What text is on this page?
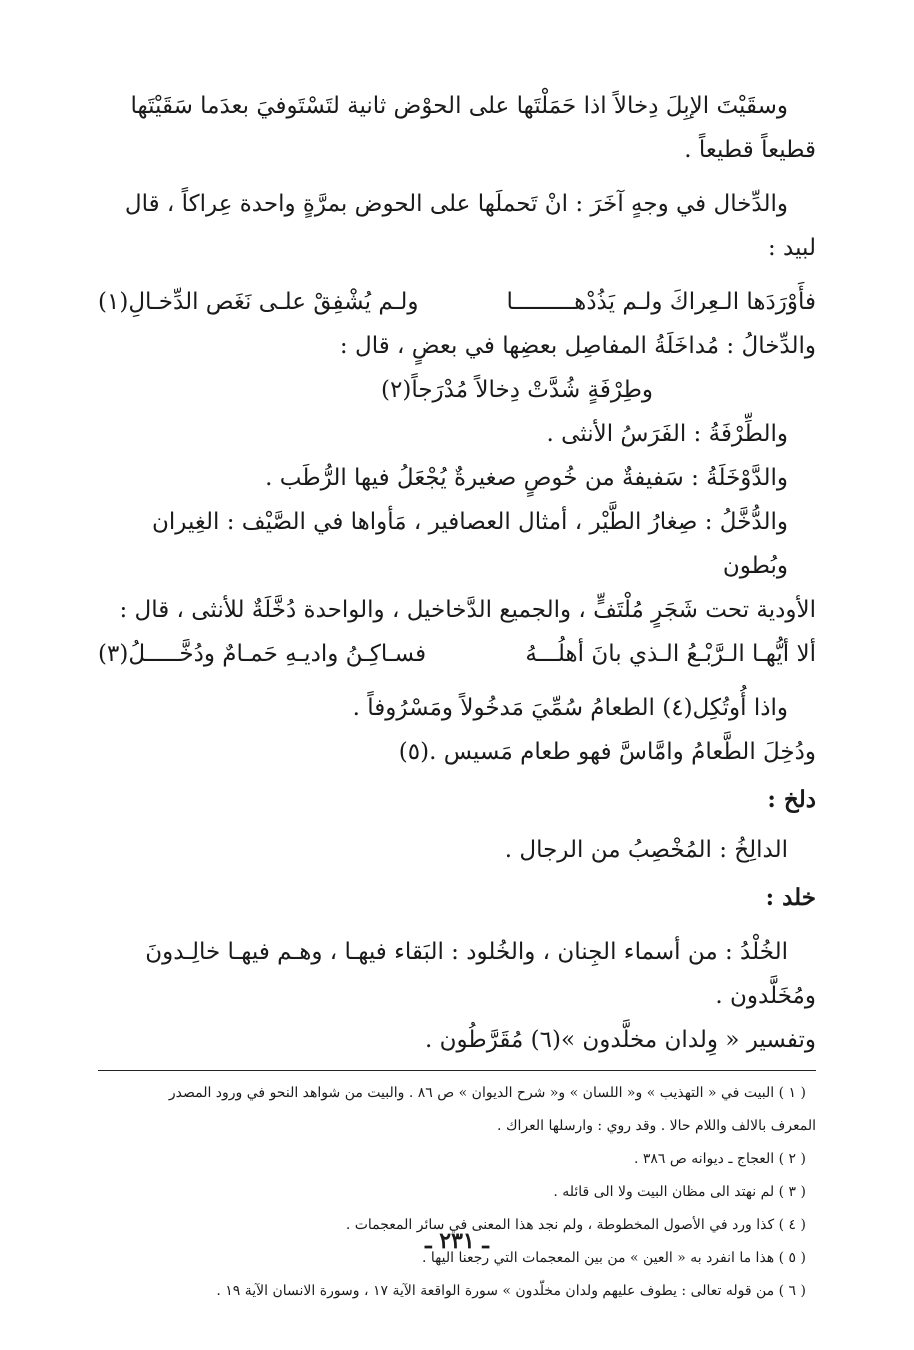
وسقَيْتَ الإبِلَ دِخالاً اذا حَمَلْتَها على الحوْض ثانية لتَسْتَوفيَ بعدَما سَقَيْتَها

قطيعاً قطيعاً .

والدِّخال في وجهٍ آخَرَ : انْ تَحملَها على الحوض بمرَّةٍ واحدة عِراكاً ، قال

لبيد :

فأَوْرَدَها الـعِراكَ ولـم يَذُدْهـــــــــا
ولـم يُشْفِقْ علـى نَغَص الدِّخـالِ(١)

والدِّخالُ : مُداخَلَةُ المفاصِل بعضِها في بعضٍ ، قال :

وطِرْفَةٍ شُدَّتْ دِخالاً مُدْرَجاً(٢)

والطِّرْفَةُ : الفَرَسُ الأنثى .

والدَّوْخَلَةُ : سَفيفةٌ من خُوصٍ صغيرةٌ يُجْعَلُ فيها الرُّطَب .

والدُّخَّلُ : صِغارُ الطَّيْر ، أمثال العصافير ، مَأواها في الصَّيْف : الغِيران وبُطون

الأودية تحت شَجَرٍ مُلْتَفٍّ ، والجميع الدَّخاخيل ، والواحدة دُخَّلَةٌ للأنثى ، قال :

ألا أيُّهـا الـرَّبْـعُ الـذي بانَ أهلُـــهُ
فسـاكِـنُ واديـهِ حَمـامٌ ودُخَّـــــلُ(٣)

واذا أُوتُكِل(٤) الطعامُ سُمِّيَ مَدخُولاً ومَسْرُوفاً .

ودُخِلَ الطَّعامُ وامَّاسَّ فهو طعام مَسيس .(٥)

دلخ :

الدالِخُ : المُخْصِبُ من الرجال .

خلد :

الخُلْدُ : من أسماء الجِنان ، والخُلود : البَقاء فيهـا ، وهـم فيهـا خالِـدونَ

ومُخَلَّدون .

وتفسير « وِلدان مخلَّدون »(٦) مُقَرَّطُون .

( ١ ) البيت في « التهذيب » و« اللسان » و« شرح الديوان » ص ٨٦ . والبيت من شواهد النحو في ورود المصدر

المعرف بالالف واللام حالا . وقد روي : وارسلها العراك .

( ٢ ) العجاج ـ ديوانه ص ٣٨٦ .

( ٣ ) لم نهتد الى مظان البيت ولا الى قائله .

( ٤ ) كذا ورد في الأصول المخطوطة ، ولم نجد هذا المعنى في سائر المعجمات .

( ٥ ) هذا ما انفرد به « العين » من بين المعجمات التي رجعنا اليها .

( ٦ ) من قوله تعالى : يطوف عليهم ولدان مخلّدون » سورة الواقعة الآية ١٧ ، وسورة الانسان الآية ١٩ .

ـ ٢٣١ ـ
